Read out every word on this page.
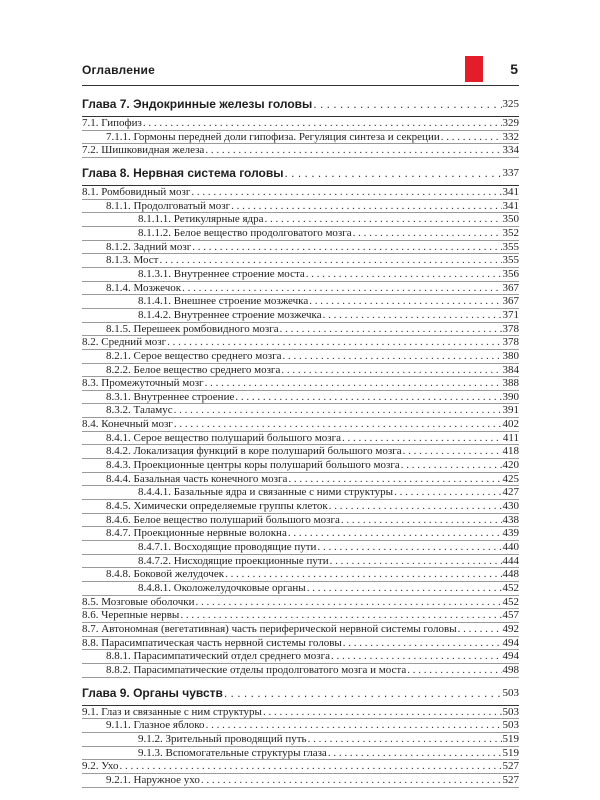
Оглавление	5
Глава 7. Эндокринные железы головы . . .	325
7.1. Гипофиз . . .	329
7.1.1. Гормоны передней доли гипофиза. Регуляция синтеза и секреции . . .	332
7.2. Шишковидная железа . . .	334
Глава 8. Нервная система головы . . .	337
8.1. Ромбовидный мозг . . .	341
8.1.1. Продолговатый мозг . . .	341
8.1.1.1. Ретикулярные ядра . . .	350
8.1.1.2. Белое вещество продолговатого мозга . . .	352
8.1.2. Задний мозг . . .	355
8.1.3. Мост . . .	355
8.1.3.1. Внутреннее строение моста . . .	356
8.1.4. Мозжечок . . .	367
8.1.4.1. Внешнее строение мозжечка . . .	367
8.1.4.2. Внутреннее строение мозжечка . . .	371
8.1.5. Перешеек ромбовидного мозга . . .	378
8.2. Средний мозг . . .	378
8.2.1. Серое вещество среднего мозга . . .	380
8.2.2. Белое вещество среднего мозга . . .	384
8.3. Промежуточный мозг . . .	388
8.3.1. Внутреннее строение . . .	390
8.3.2. Таламус . . .	391
8.4. Конечный мозг . . .	402
8.4.1. Серое вещество полушарий большого мозга . . .	411
8.4.2. Локализация функций в коре полушарий большого мозга . . .	418
8.4.3. Проекционные центры коры полушарий большого мозга . . .	420
8.4.4. Базальная часть конечного мозга . . .	425
8.4.4.1. Базальные ядра и связанные с ними структуры . . .	427
8.4.5. Химически определяемые группы клеток . . .	430
8.4.6. Белое вещество полушарий большого мозга . . .	438
8.4.7. Проекционные нервные волокна . . .	439
8.4.7.1. Восходящие проводящие пути . . .	440
8.4.7.2. Нисходящие проекционные пути . . .	444
8.4.8. Боковой желудочек . . .	448
8.4.8.1. Околожелудочковые органы . . .	452
8.5. Мозговые оболочки . . .	452
8.6. Черепные нервы . . .	457
8.7. Автономная (вегетативная) часть периферической нервной системы головы . . .	492
8.8. Парасимпатическая часть нервной системы головы . . .	494
8.8.1. Парасимпатический отдел среднего мозга . . .	494
8.8.2. Парасимпатические отделы продолговатого мозга и моста . . .	498
Глава 9. Органы чувств . . .	503
9.1. Глаз и связанные с ним структуры . . .	503
9.1.1. Глазное яблоко . . .	503
9.1.2. Зрительный проводящий путь . . .	519
9.1.3. Вспомогательные структуры глаза . . .	519
9.2. Ухо . . .	527
9.2.1. Наружное ухо . . .	527
